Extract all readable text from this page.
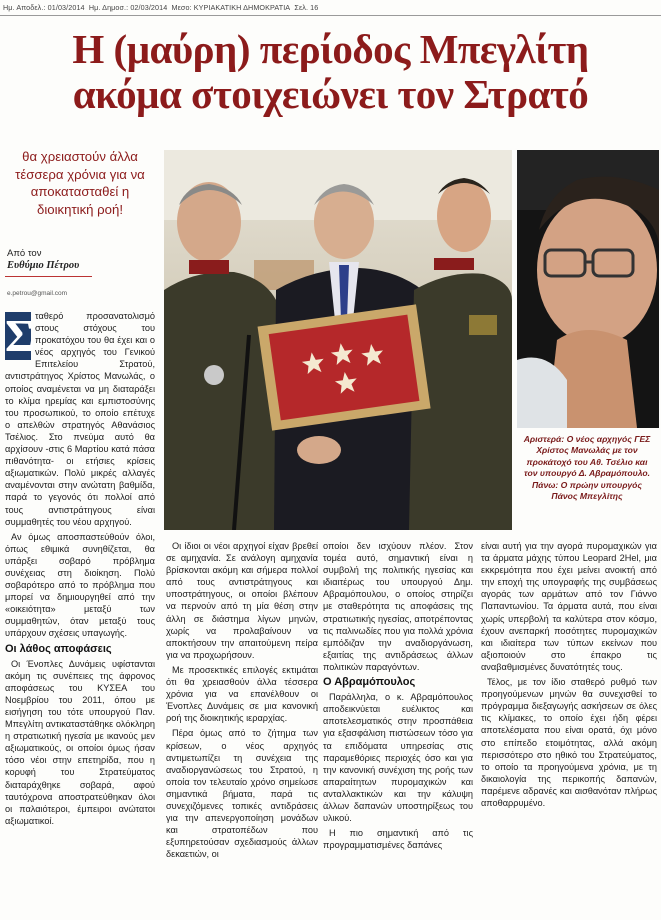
Ημ. Αποδελ.: 01/03/2014 Ημ. Δημοσ.: 02/03/2014 Μεσο: ΚΥΡΙΑΚΑΤΙΚΗ ΔΗΜΟΚΡΑΤΙΑ Σελ. 16
Η (μαύρη) περίοδος Μπεγλίτη
ακόμα στοιχειώνει τον Στρατό
θα χρειαστούν άλλα τέσσερα χρόνια για να αποκατασταθεί η διοικητική ροή!
Από τον
Ευθύμιο Πέτρου
e.petrou@gmail.com
Αριστερά: Ο νέος αρχηγός ΓΕΣ Χρίστος Μανωλάς με τον προκάτοχό του Αθ. Τσέλιο και τον υπουργό Δ. Αβραμόπουλο. Πάνω: Ο πρώην υπουργός Πάνος Μπεγλίτης
Σ ταθερό προσανατολισμό στους στόχους του προκατόχου του θα έχει και ο νέος αρχηγός του Γενικού Επιτελείου Στρατού, αντιστράτηγος Χρίστος Μανωλάς, ο οποίος αναμένεται να μη διαταράξει το κλίμα ηρεμίας και εμπιστοσύνης του προσωπικού, το οποίο επέτυχε ο απελθών στρατηγός Αθανάσιος Τσέλιος. Στο πνεύμα αυτό θα αρχίσουν -στις 6 Μαρτίου κατά πάσα πιθανότητα- οι ετήσιες κρίσεις αξιωματικών. Πολύ μικρές αλλαγές αναμένονται στην ανώτατη βαθμίδα, παρά το γεγονός ότι πολλοί από τους αντιστράτηγους είναι συμμαθητές του νέου αρχηγού.

Αν όμως αποσπαστεύθούν όλοι, όπως εθιμικά συνηθίζεται, θα υπάρξει σοβαρό πρόβλημα συνέχειας στη διοίκηση. Πολύ σοβαρότερο από το πρόβλημα που μπορεί να δημιουργηθεί από την «οικειότητα» μεταξύ των συμμαθητών, όταν μεταξύ τους υπάρχουν σχέσεις υπαγωγής.

Οι λάθος αποφάσεις

Οι Ένοπλες Δυνάμεις υφίστανται ακόμη τις συνέπειες της άφρονος αποφάσεως του ΚΥΣΕΑ του Νοεμβρίου του 2011, όπου με εισήγηση του τότε υπουργού Παν. Μπεγλίτη αντικαταστάθηκε ολόκληρη η στρατιωτική ηγεσία με ικανούς μεν αξιωματικούς, οι οποίοι όμως ήσαν τόσο νέοι στην επετηρίδα, που η κορυφή του Στρατεύματος διαταράχθηκε σοβαρά, αφού ταυτόχρονα αποστρατεύθηκαν όλοι οι παλαιότεροι, έμπειροι ανώτατοι αξιωματικοί.

Οι ίδιοι οι νέοι αρχηγοί είχαν βρεθεί σε αμηχανία. Σε ανάλογη αμηχανία βρίσκονται ακόμη και σήμερα πολλοί από τους αντιστράτηγους και υποστράτηγους, οι οποίοι βλέπουν να περνούν από τη μία θέση στην άλλη σε διάστημα λίγων μηνών, χωρίς να προλαβαίνουν να αποκτήσουν την απαιτούμενη πείρα για να προχωρήσουν.

Με προσεκτικές επιλογές εκτιμάται ότι θα χρειασθούν άλλα τέσσερα χρόνια για να επανέλθουν οι Ένοπλες Δυνάμεις σε μια κανονική ροή της διοικητικής ιεραρχίας.

Πέρα όμως από το ζήτημα των κρίσεων, ο νέος αρχηγός αντιμετωπίζει τη συνέχεια της αναδιοργανώσεως του Στρατού, η οποία τον τελευταίο χρόνο σημείωσε σημαντικά βήματα, παρά τις συνεχιζόμενες τοπικές αντιδράσεις για την απενεργοποίηση μονάδων και στρατοπέδων που εξυπηρετούσαν σχεδιασμούς άλλων δεκαετιών, οι

οποίοι δεν ισχύουν πλέον. Στον τομέα αυτό, σημαντική είναι η συμβολή της πολιτικής ηγεσίας και ιδιαιτέρως του υπουργού Δημ. Αβραμόπουλου, ο οποίος στηρίζει με σταθερότητα τις αποφάσεις της στρατιωτικής ηγεσίας, αποτρέποντας τις παλινωδίες που για πολλά χρόνια εμπόδιζαν την αναδιοργάνωση, εξαιτίας της αντιδράσεως άλλων πολιτικών παραγόντων.

Ο Αβραμόπουλος

Παράλληλα, ο κ. Αβραμόπουλος αποδεικνύεται ευέλικτος και αποτελεσματικός στην προσπάθεια για εξασφάλιση πιστώσεων τόσο για τα επιδόματα υπηρεσίας στις παραμεθόριες περιοχές όσο και για την κανονική συνέχιση της ροής των απαραίτητων πυρομαχικών και ανταλλακτικών και την κάλυψη άλλων δαπανών υποστηρίξεως του υλικού.

Η πιο σημαντική από τις προγραμματισμένες δαπάνες

είναι αυτή για την αγορά πυρομαχικών για τα άρματα μάχης τύπου Leopard 2Hel, μια εκκρεμότητα που έχει μείνει ανοικτή από την εποχή της υπογραφής της συμβάσεως αγοράς των αρμάτων από τον Γιάννο Παπαντωνίου. Τα άρματα αυτά, που είναι χωρίς υπερβολή τα καλύτερα στον κόσμο, έχουν ανεπαρκή ποσότητες πυρομαχικών και ιδιαίτερα των τύπων εκείνων που αξιοποιούν στο έπακρο τις αναβαθμισμένες δυνατότητές τους.

Τέλος, με τον ίδιο σταθερό ρυθμό των προηγούμενων μηνών θα συνεχισθεί το πρόγραμμα διεξαγωγής ασκήσεων σε όλες τις κλίμακες, το οποίο έχει ήδη φέρει αποτελέσματα που είναι ορατά, όχι μόνο στο επίπεδο ετοιμότητας, αλλά ακόμη περισσότερο στο ηθικό του Στρατεύματος, το οποίο τα προηγούμενα χρόνια, με τη δικαιολογία της περικοπής δαπανών, παρέμενε αδρανές και αισθανόταν πλήρως αποθαρρυμένο.
